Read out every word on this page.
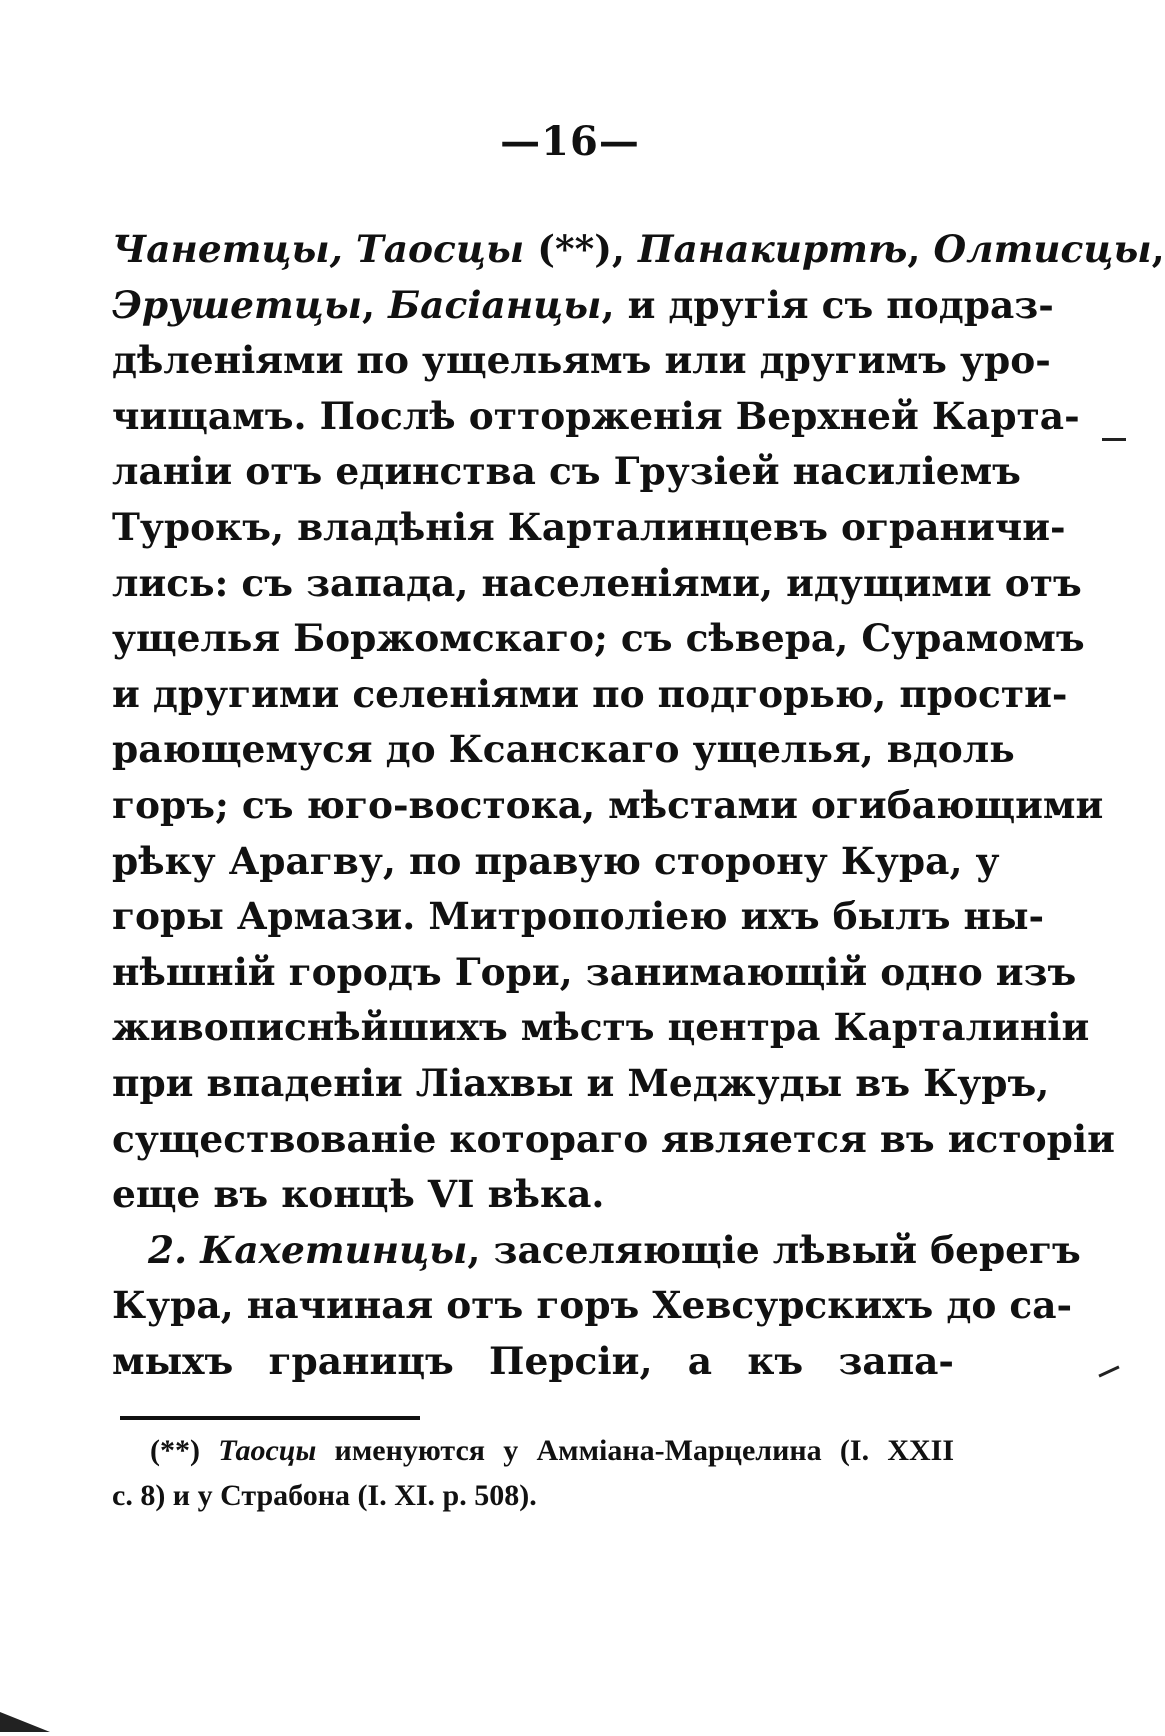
—16—
Чанетцы, Таосцы (**), Панакиртѣ, Олтисцы,
Эрушетцы, Басіанцы, и другія съ подраз-
дѣленіями по ущельямъ или другимъ уро-
чищамъ. Послѣ отторженія Верхней Карта-
ланіи отъ единства съ Грузіей насиліемъ
Турокъ, владѣнія Карталинцевъ ограничи-
лись: съ запада, населеніями, идущими отъ
ущелья Боржомскаго; съ сѣвера, Сурамомъ
и другими селеніями по подгорью, прости-
рающемуся до Ксанскаго ущелья, вдоль
горъ; съ юго-востока, мѣстами огибающими
рѣку Арагву, по правую сторону Кура, у
горы Армази. Митрополіею ихъ былъ ны-
нѣшній городъ Гори, занимающій одно изъ
живописнѣйшихъ мѣстъ центра Карталиніи
при впаденіи Ліахвы и Меджуды въ Куръ,
существованіе котораго является въ исторіи
еще въ концѣ VI вѣка.
2. Кахетинцы, заселяющіе лѣвый берегъ
Кура, начиная отъ горъ Хевсурскихъ до са-
мыхъ границъ Персіи, а къ запа-
(**) Таосцы именуются у Амміана-Марцелина (I. XXII
c. 8) и у Страбона (I. XI. p. 508).
